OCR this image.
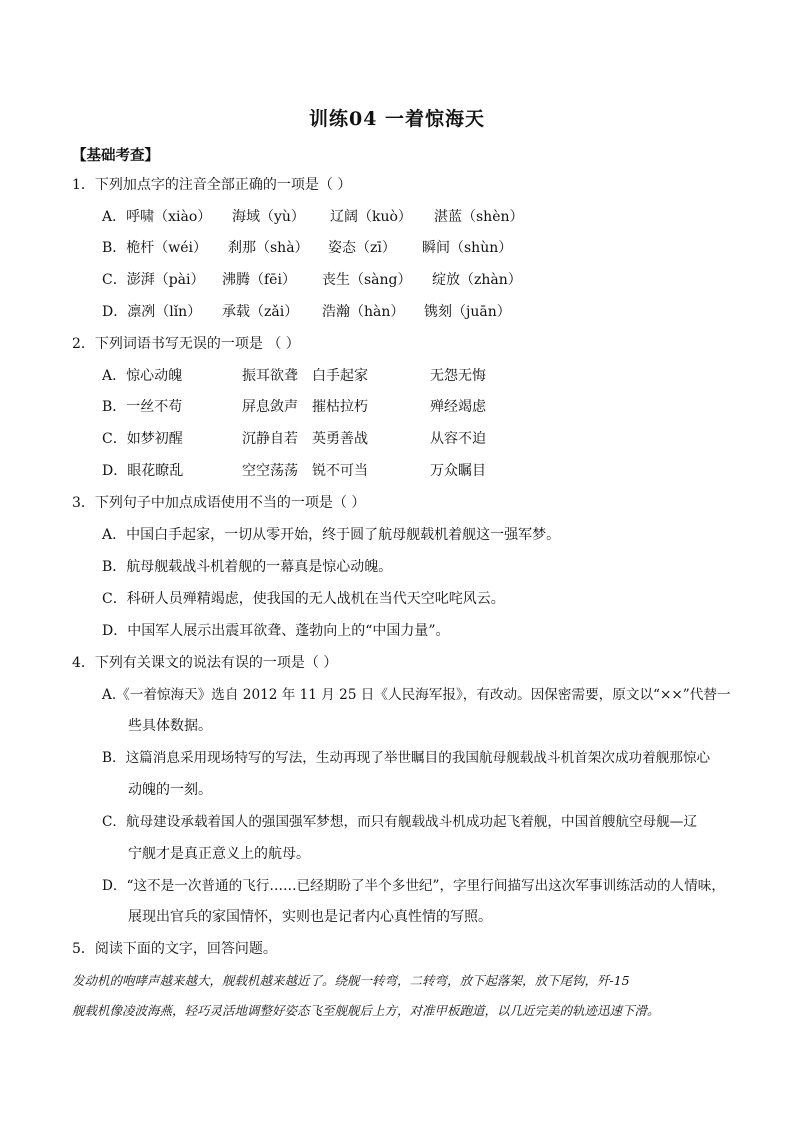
训练04 一着惊海天
【基础考查】
1．下列加点字的注音全部正确的一项是（ ）
A．呼啸（xiào） 海域（yù） 辽阔（kuò） 湛蓝（shèn）
B．桅杆（wéi） 刹那（shà） 姿态（zī） 瞬间（shùn）
C．澎湃（pài） 沸腾（fēi） 丧生（sàng） 绽放（zhàn）
D．凛冽（lǐn） 承载（zǎi） 浩瀚（hàn） 镌刻（juān）
2．下列词语书写无误的一项是 （ ）
A．惊心动魄	振耳欲聋 白手起家	无怨无悔
B．一丝不苟	屏息敛声 摧枯拉朽	殚经竭虑
C．如梦初醒	沉静自若 英勇善战	从容不迫
D．眼花瞭乱	空空荡荡 锐不可当	万众瞩目
3．下列句子中加点成语使用不当的一项是（ ）
A．中国白手起家，一切从零开始，终于圆了航母舰载机着舰这一强军梦。
B．航母舰载战斗机着舰的一幕真是惊心动魄。
C．科研人员殚精竭虑，使我国的无人战机在当代天空叱咤风云。
D．中国军人展示出震耳欲聋、蓬勃向上的“中国力量”。
4．下列有关课文的说法有误的一项是（ ）
A.《一着惊海天》选自 2012 年 11 月 25 日《人民海军报》，有改动。因保密需要，原文以“××”代替一
些具体数据。
B．这篇消息采用现场特写的写法，生动再现了举世瞩目的我国航母舰载战斗机首架次成功着舰那惊心
动魄的一刻。
C．航母建设承载着国人的强国强军梦想，而只有舰载战斗机成功起飞着舰，中国首艘航空母舰—辽
宁舰才是真正意义上的航母。
D．“这不是一次普通的飞行……已经期盼了半个多世纪”，字里行间描写出这次军事训练活动的人情味，
展现出官兵的家国情怀，实则也是记者内心真性情的写照。
5．阅读下面的文字，回答问题。
发动机的咆哮声越来越大，舰载机越来越近了。绕舰一转弯，二转弯，放下起落架，放下尾钩，歼-15
舰载机像凌波海燕，轻巧灵活地调整好姿态飞至舰舰后上方，对准甲板跑道，以几近完美的轨迹迅速下滑。
